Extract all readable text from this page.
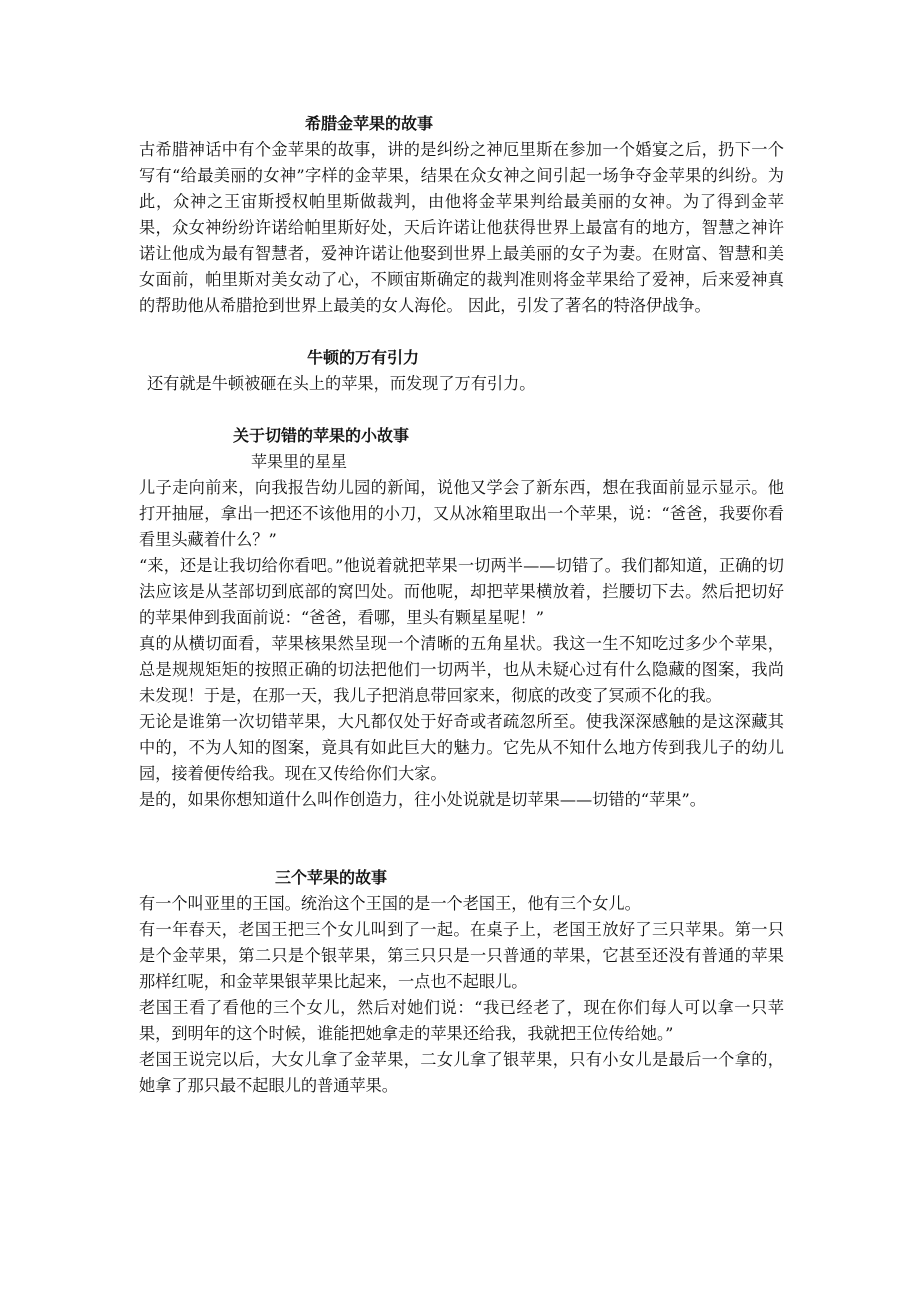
希腊金苹果的故事

古希腊神话中有个金苹果的故事，讲的是纠纷之神厄里斯在参加一个婚宴之后，扔下一个写有“给最美丽的女神”字样的金苹果，结果在众女神之间引起一场争夺金苹果的纠纷。为此，众神之王宙斯授权帕里斯做裁判，由他将金苹果判给最美丽的女神。为了得到金苹果，众女神纷纷许诺给帕里斯好处，天后许诺让他获得世界上最富有的地方，智慧之神许诺让他成为最有智慧者，爱神许诺让他娶到世界上最美丽的女子为妻。在财富、智慧和美女面前，帕里斯对美女动了心，不顾宙斯确定的裁判准则将金苹果给了爱神，后来爱神真的帮助他从希腊抢到世界上最美的女人海伦。 因此，引发了著名的特洛伊战争。

牛顿的万有引力

还有就是牛顿被砸在头上的苹果，而发现了万有引力。

关于切错的苹果的小故事
苹果里的星星

儿子走向前来，向我报告幼儿园的新闻，说他又学会了新东西，想在我面前显示显示。他打开抽屉，拿出一把还不该他用的小刀，又从冰箱里取出一个苹果，说：“爸爸，我要你看看里头藏着什么？”

“来，还是让我切给你看吧。”他说着就把苹果一切两半——切错了。我们都知道，正确的切法应该是从茎部切到底部的窝凹处。而他呢，却把苹果横放着，拦腰切下去。然后把切好的苹果伸到我面前说：“爸爸，看哪，里头有颗星星呢！”

真的从横切面看，苹果核果然呈现一个清晰的五角星状。我这一生不知吃过多少个苹果，总是规规矩矩的按照正确的切法把他们一切两半，也从未疑心过有什么隐藏的图案，我尚未发现！于是，在那一天，我儿子把消息带回家来，彻底的改变了冥顽不化的我。

无论是谁第一次切错苹果，大凡都仅处于好奇或者疏忽所至。使我深深感触的是这深藏其中的，不为人知的图案，竟具有如此巨大的魅力。它先从不知什么地方传到我儿子的幼儿园，接着便传给我。现在又传给你们大家。

是的，如果你想知道什么叫作创造力，往小处说就是切苹果——切错的“苹果”。

三个苹果的故事

有一个叫亚里的王国。统治这个王国的是一个老国王，他有三个女儿。

有一年春天，老国王把三个女儿叫到了一起。在桌子上，老国王放好了三只苹果。第一只是个金苹果，第二只是个银苹果，第三只只是一只普通的苹果，它甚至还没有普通的苹果那样红呢，和金苹果银苹果比起来，一点也不起眼儿。

老国王看了看他的三个女儿，然后对她们说：“我已经老了，现在你们每人可以拿一只苹果，到明年的这个时候，谁能把她拿走的苹果还给我，我就把王位传给她。”

老国王说完以后，大女儿拿了金苹果，二女儿拿了银苹果，只有小女儿是最后一个拿的，她拿了那只最不起眼儿的普通苹果。
